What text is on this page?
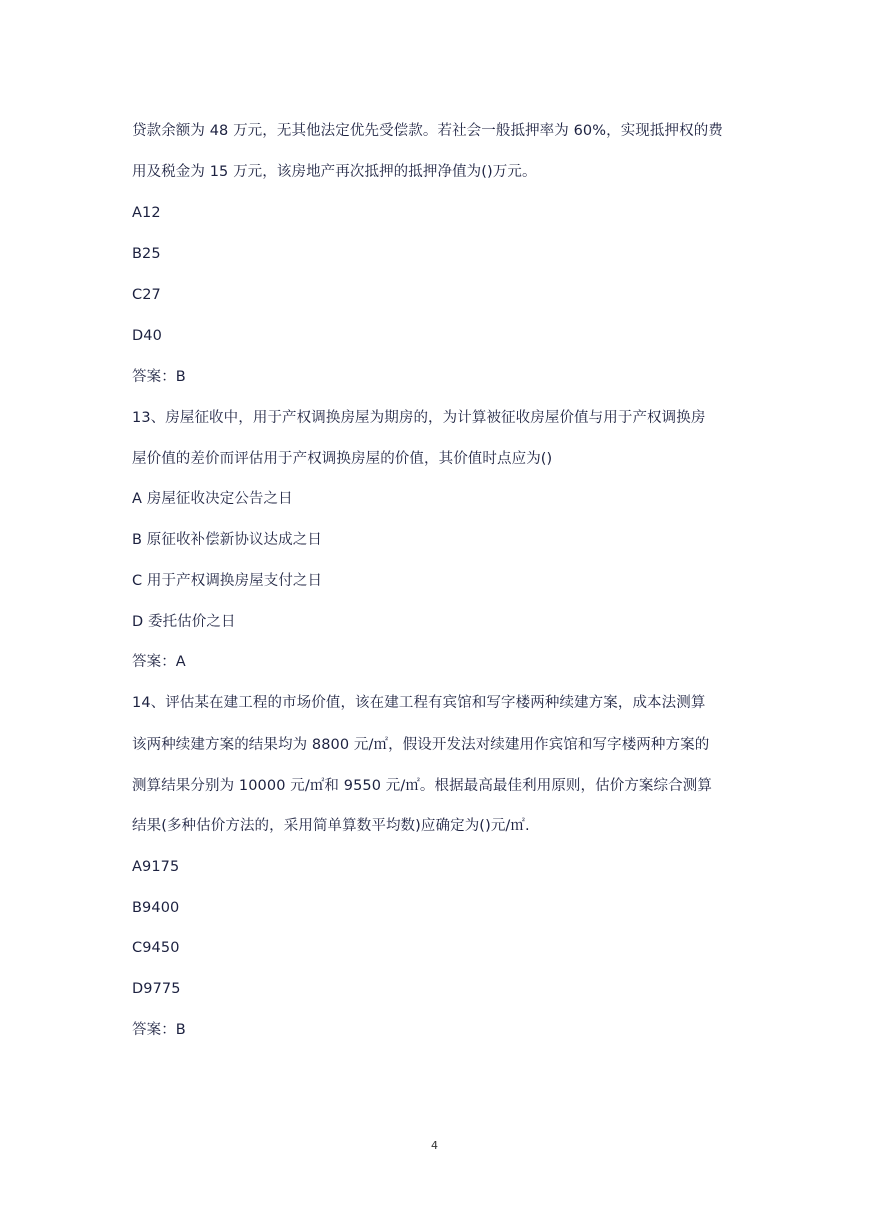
贷款余额为 48 万元，无其他法定优先受偿款。若社会一般抵押率为 60%，实现抵押权的费
用及税金为 15 万元，该房地产再次抵押的抵押净值为()万元。
A12
B25
C27
D40
答案：B
13、房屋征收中，用于产权调换房屋为期房的，为计算被征收房屋价值与用于产权调换房
屋价值的差价而评估用于产权调换房屋的价值，其价值时点应为()
A 房屋征收决定公告之日
B 原征收补偿新协议达成之日
C 用于产权调换房屋支付之日
D 委托估价之日
答案：A
14、评估某在建工程的市场价值，该在建工程有宾馆和写字楼两种续建方案，成本法测算
该两种续建方案的结果均为 8800 元/㎡，假设开发法对续建用作宾馆和写字楼两种方案的
测算结果分别为 10000 元/㎡和 9550 元/㎡。根据最高最佳利用原则，估价方案综合测算
结果(多种估价方法的，采用简单算数平均数)应确定为()元/㎡.
A9175
B9400
C9450
D9775
答案：B
4
